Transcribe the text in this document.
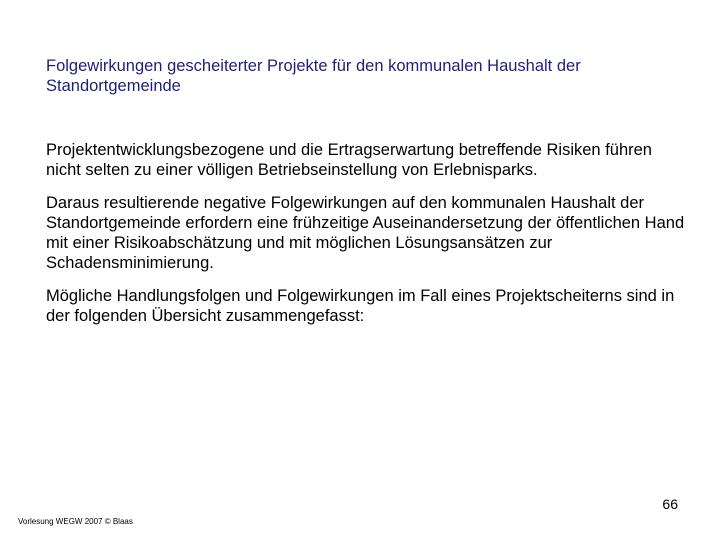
Folgewirkungen gescheiterter Projekte für den kommunalen Haushalt der Standortgemeinde

Projektentwicklungsbezogene und die Ertragserwartung betreffende Risiken führen nicht selten zu einer völligen Betriebseinstellung von Erlebnisparks.

Daraus resultierende negative Folgewirkungen auf den kommunalen Haushalt der Standortgemeinde erfordern eine frühzeitige Auseinandersetzung der öffentlichen Hand mit einer Risikoabschätzung und mit möglichen Lösungsansätzen zur Schadensminimierung.

Mögliche Handlungsfolgen und Folgewirkungen im Fall eines Projektscheiterns sind in der folgenden Übersicht zusammengefasst:

66
Vorlesung WEGW 2007 © Blaas
